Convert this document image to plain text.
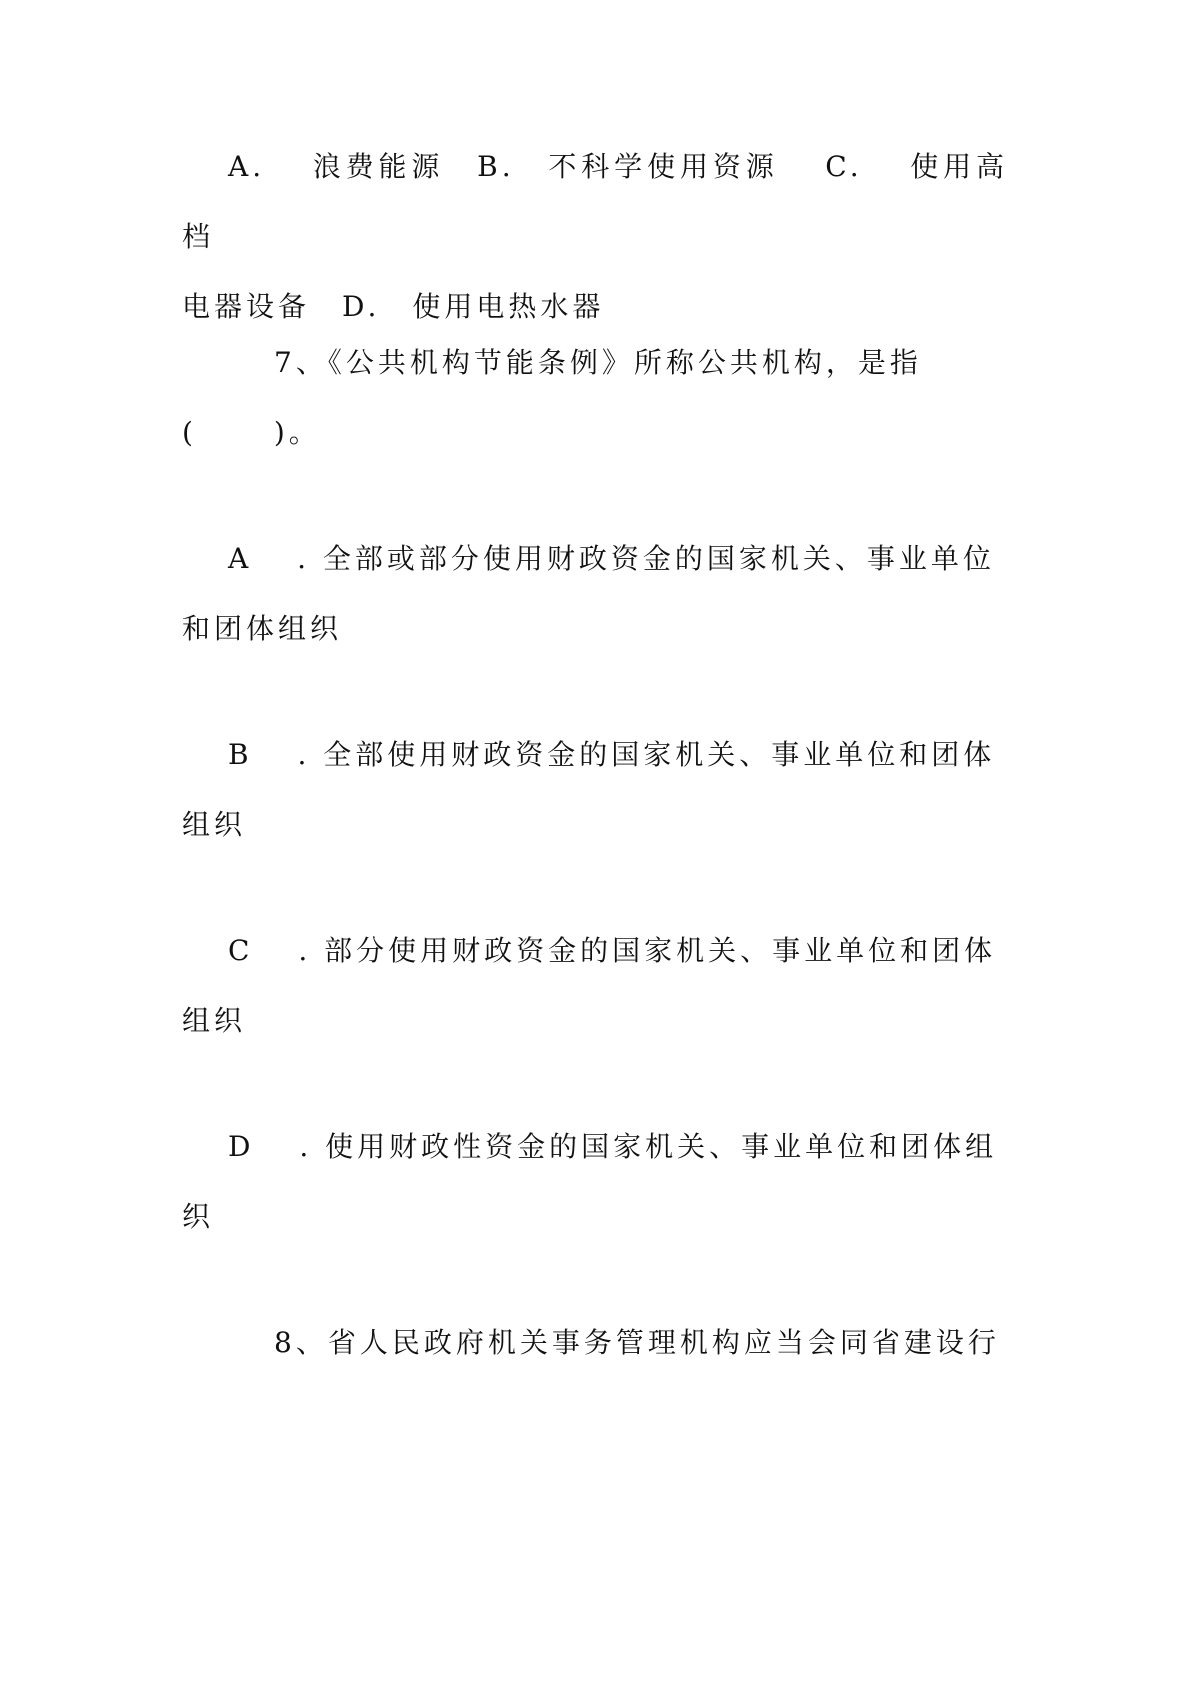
A.　 浪费能源　B.　不科学使用资源　 C.　 使用高档
电器设备　D.　使用电热水器
7、《公共机构节能条例》所称公共机构，是指
(　　 )。
A　 . 全部或部分使用财政资金的国家机关、事业单位
和团体组织
B　 . 全部使用财政资金的国家机关、事业单位和团体
组织
C　 . 部分使用财政资金的国家机关、事业单位和团体
组织
D　 . 使用财政性资金的国家机关、事业单位和团体组
织
8、省人民政府机关事务管理机构应当会同省建设行
